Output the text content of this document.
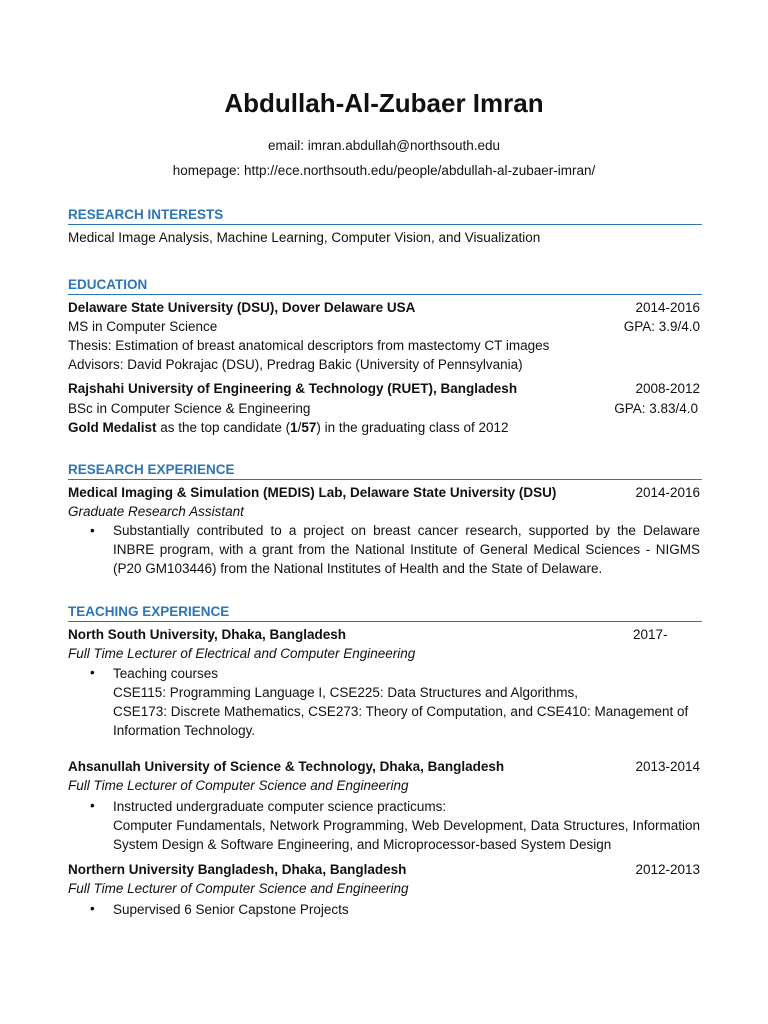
Abdullah-Al-Zubaer Imran
email: imran.abdullah@northsouth.edu
homepage: http://ece.northsouth.edu/people/abdullah-al-zubaer-imran/
RESEARCH INTERESTS
Medical Image Analysis, Machine Learning, Computer Vision, and Visualization
EDUCATION
Delaware State University (DSU), Dover Delaware USA	2014-2016
MS in Computer Science	GPA: 3.9/4.0
Thesis: Estimation of breast anatomical descriptors from mastectomy CT images
Advisors: David Pokrajac (DSU), Predrag Bakic (University of Pennsylvania)
Rajshahi University of Engineering & Technology (RUET), Bangladesh	2008-2012
BSc in Computer Science & Engineering	GPA: 3.83/4.0
Gold Medalist as the top candidate (1/57) in the graduating class of 2012
RESEARCH EXPERIENCE
Medical Imaging & Simulation (MEDIS) Lab, Delaware State University (DSU)	2014-2016
Graduate Research Assistant
• Substantially contributed to a project on breast cancer research, supported by the Delaware INBRE program, with a grant from the National Institute of General Medical Sciences - NIGMS (P20 GM103446) from the National Institutes of Health and the State of Delaware.
TEACHING EXPERIENCE
North South University, Dhaka, Bangladesh	2017-
Full Time Lecturer of Electrical and Computer Engineering
• Teaching courses
CSE115: Programming Language I, CSE225: Data Structures and Algorithms,
CSE173: Discrete Mathematics, CSE273: Theory of Computation, and CSE410: Management of Information Technology.
Ahsanullah University of Science & Technology, Dhaka, Bangladesh	2013-2014
Full Time Lecturer of Computer Science and Engineering
• Instructed undergraduate computer science practicums:
Computer Fundamentals, Network Programming, Web Development, Data Structures, Information System Design & Software Engineering, and Microprocessor-based System Design
Northern University Bangladesh, Dhaka, Bangladesh	2012-2013
Full Time Lecturer of Computer Science and Engineering
• Supervised 6 Senior Capstone Projects
